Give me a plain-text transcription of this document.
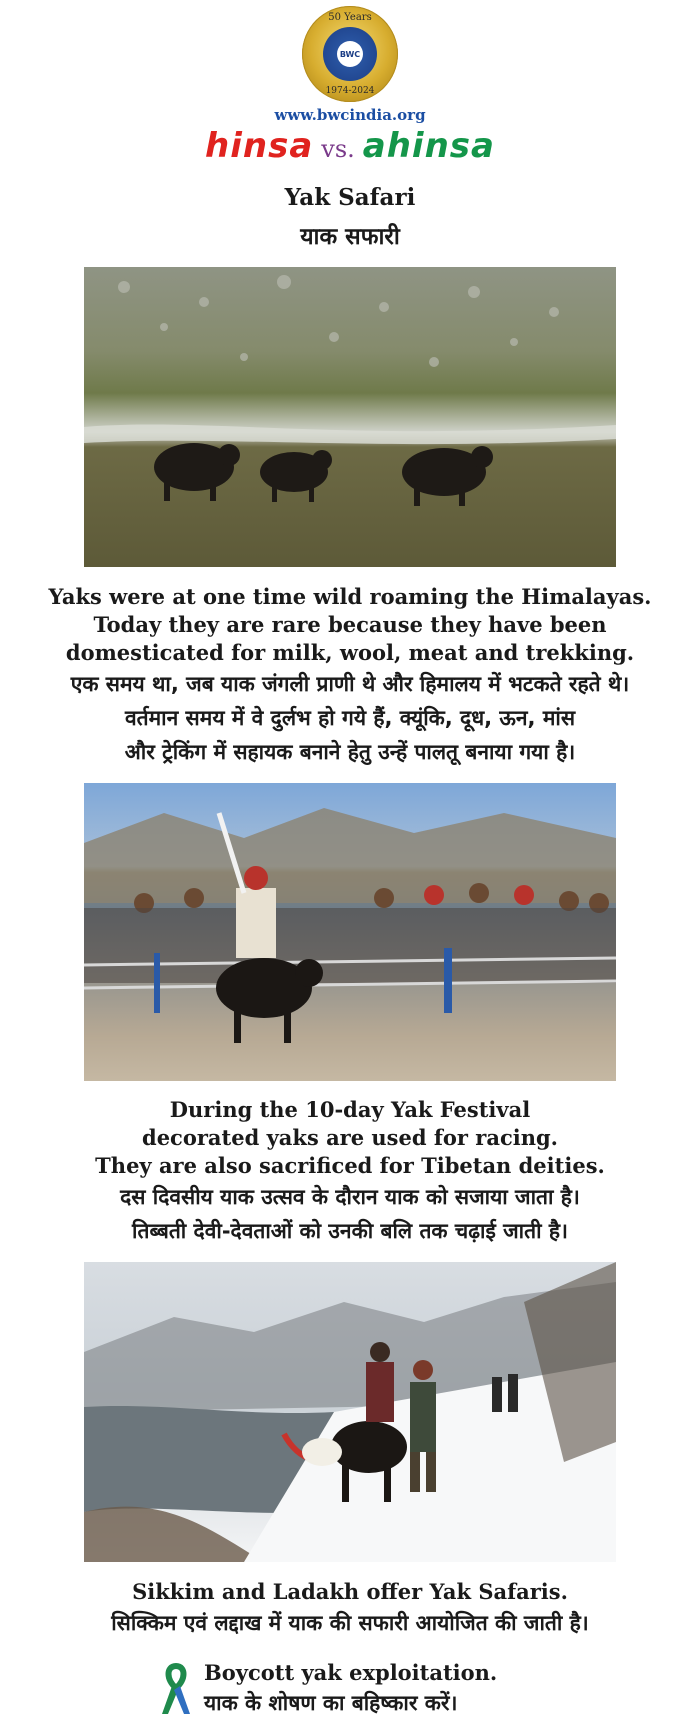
50 Years
BWC
1974-2024
www.bwcindia.org
hinsa vs. ahinsa
Yak Safari
याक सफारी
Yaks were at one time wild roaming the Himalayas.
Today they are rare because they have been
domesticated for milk, wool, meat and trekking.
एक समय था, जब याक जंगली प्राणी थे और हिमालय में भटकते रहते थे।
वर्तमान समय में वे दुर्लभ हो गये हैं, क्यूंकि, दूध, ऊन, मांस
और ट्रेकिंग में सहायक बनाने हेतु उन्हें पालतू बनाया गया है।
During the 10-day Yak Festival
decorated yaks are used for racing.
They are also sacrificed for Tibetan deities.
दस दिवसीय याक उत्सव के दौरान याक को सजाया जाता है।
तिब्बती देवी-देवताओं को उनकी बलि तक चढ़ाई जाती है।
Sikkim and Ladakh offer Yak Safaris.
सिक्किम एवं लद्दाख में याक की सफारी आयोजित की जाती है।
Boycott yak exploitation.
याक के शोषण का बहिष्कार करें।
